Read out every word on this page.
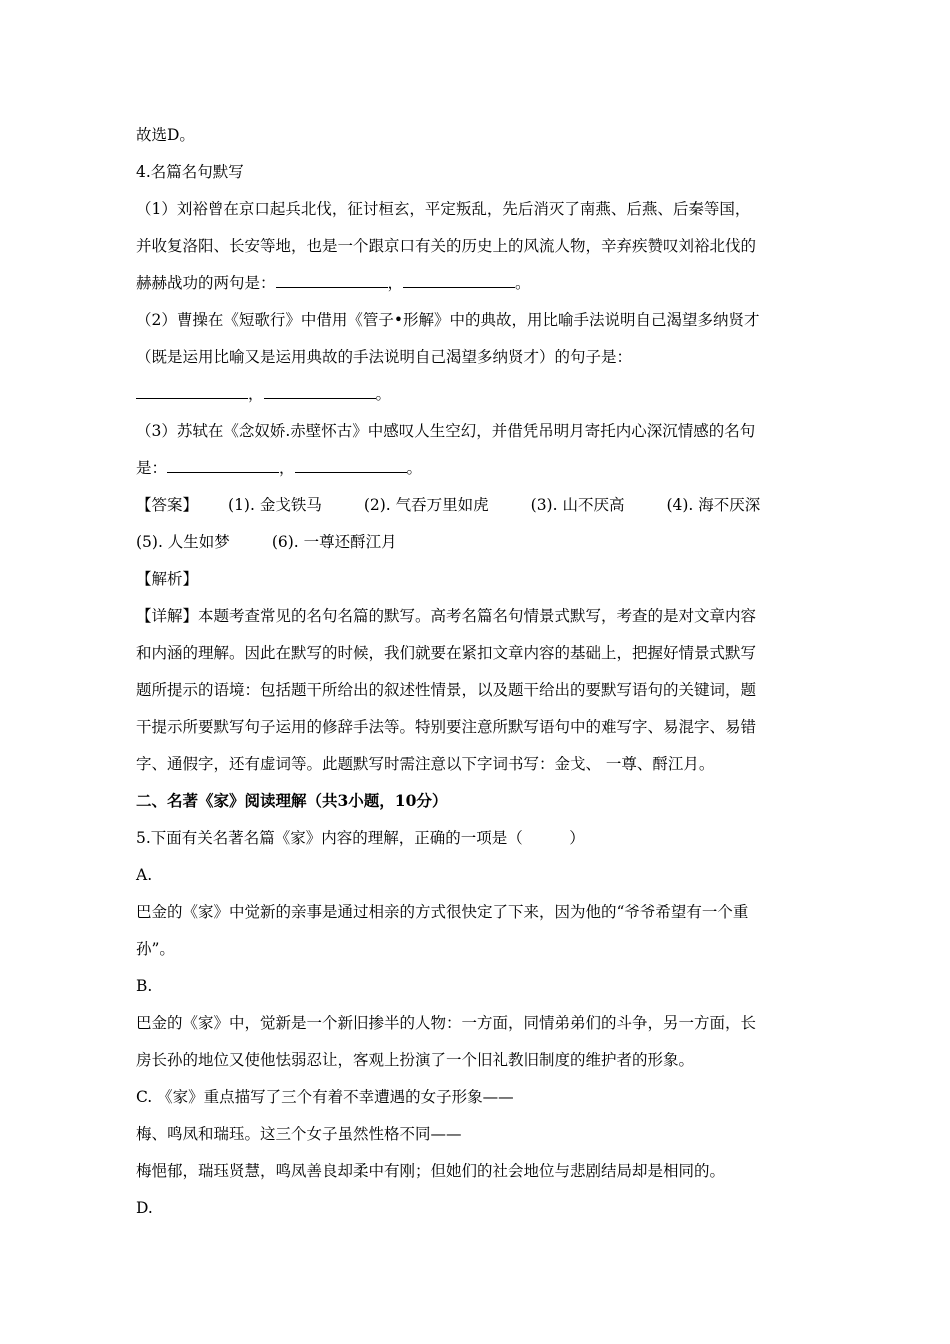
故选D。
4.名篇名句默写
（1）刘裕曾在京口起兵北伐，征讨桓玄，平定叛乱，先后消灭了南燕、后燕、后秦等国，
并收复洛阳、长安等地，也是一个跟京口有关的历史上的风流人物，辛弃疾赞叹刘裕北伐的
赫赫战功的两句是：	，	。
（2）曹操在《短歌行》中借用《管子•形解》中的典故，用比喻手法说明自己渴望多纳贤才
（既是运用比喻又是运用典故的手法说明自己渴望多纳贤才）的句子是：
，	。
（3）苏轼在《念奴娇.赤壁怀古》中感叹人生空幻，并借凭吊明月寄托内心深沉情感的名句
是：	，	。
【答案】 (1). 金戈铁马	(2). 气吞万里如虎	(3). 山不厌高	(4). 海不厌深
(5). 人生如梦	(6). 一尊还酹江月
【解析】
【详解】本题考查常见的名句名篇的默写。高考名篇名句情景式默写，考查的是对文章内容
和内涵的理解。因此在默写的时候，我们就要在紧扣文章内容的基础上，把握好情景式默写
题所提示的语境：包括题干所给出的叙述性情景，以及题干给出的要默写语句的关键词，题
干提示所要默写句子运用的修辞手法等。特别要注意所默写语句中的难写字、易混字、易错
字、通假字，还有虚词等。此题默写时需注意以下字词书写：金戈、 一尊、酹江月。
二、名著《家》阅读理解（共3小题，10分）
5.下面有关名著名篇《家》内容的理解，正确的一项是（　　　）
A.
巴金的《家》中觉新的亲事是通过相亲的方式很快定了下来，因为他的“爷爷希望有一个重
孙”。
B.
巴金的《家》中，觉新是一个新旧掺半的人物：一方面，同情弟弟们的斗争，另一方面，长
房长孙的地位又使他怯弱忍让，客观上扮演了一个旧礼教旧制度的维护者的形象。
C. 《家》重点描写了三个有着不幸遭遇的女子形象——
梅、鸣凤和瑞珏。这三个女子虽然性格不同——
梅悒郁，瑞珏贤慧，鸣凤善良却柔中有刚；但她们的社会地位与悲剧结局却是相同的。
D.
